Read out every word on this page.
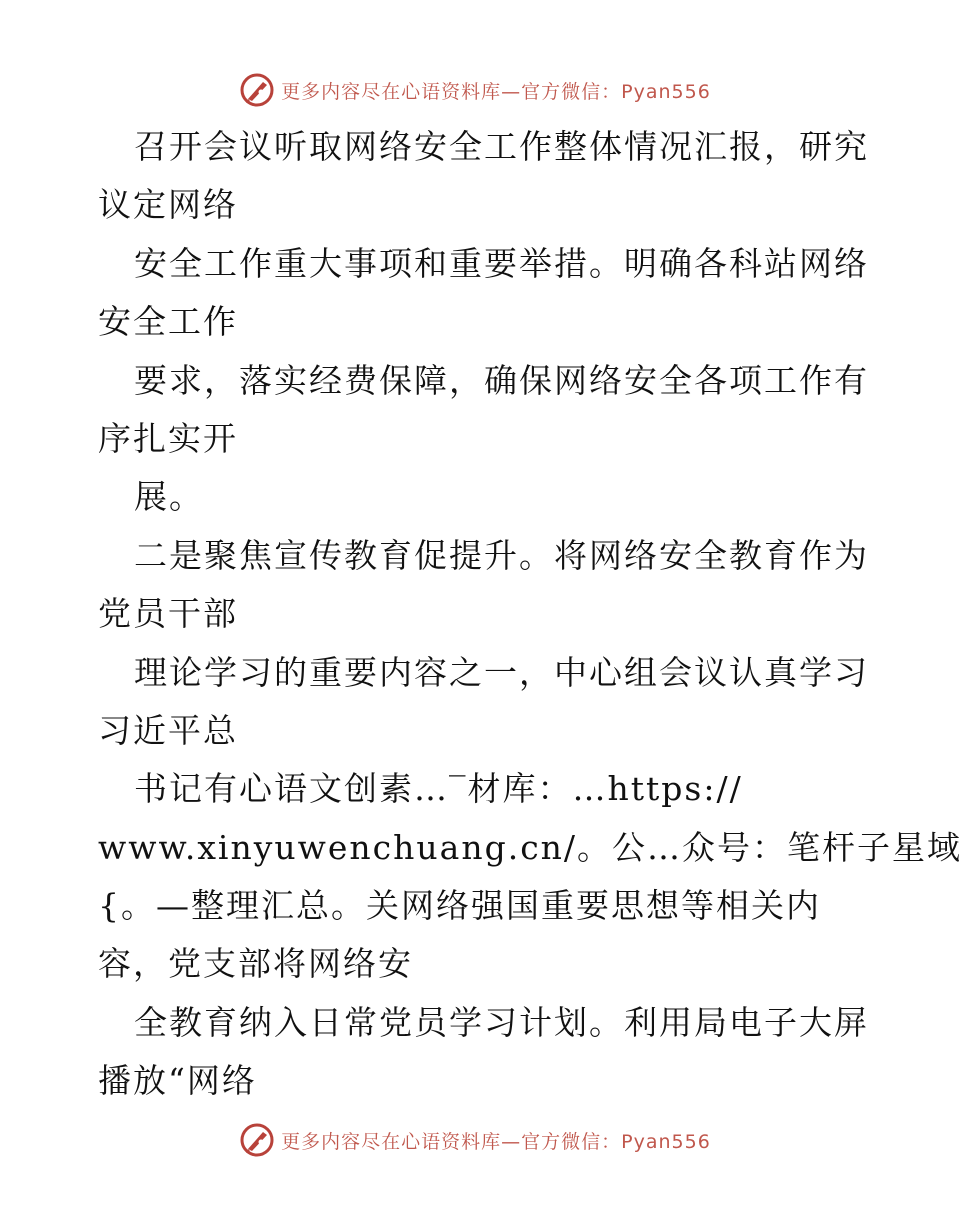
更多内容尽在心语资料库—官方微信：Pyan556
召开会议听取网络安全工作整体情况汇报，研究
议定网络
安全工作重大事项和重要举措。明确各科站网络
安全工作
要求，落实经费保障，确保网络安全各项工作有
序扎实开
展。
二是聚焦宣传教育促提升。将网络安全教育作为
党员干部
理论学习的重要内容之一，中心组会议认真学习
习近平总
书记有心语文创素…‾材库：…https://
www.xinyuwenchuang.cn/。公…众号：笔杆子星域
{。—整理汇总。关网络强国重要思想等相关内
容，党支部将网络安
全教育纳入日常党员学习计划。利用局电子大屏
播放“网络
更多内容尽在心语资料库—官方微信：Pyan556
